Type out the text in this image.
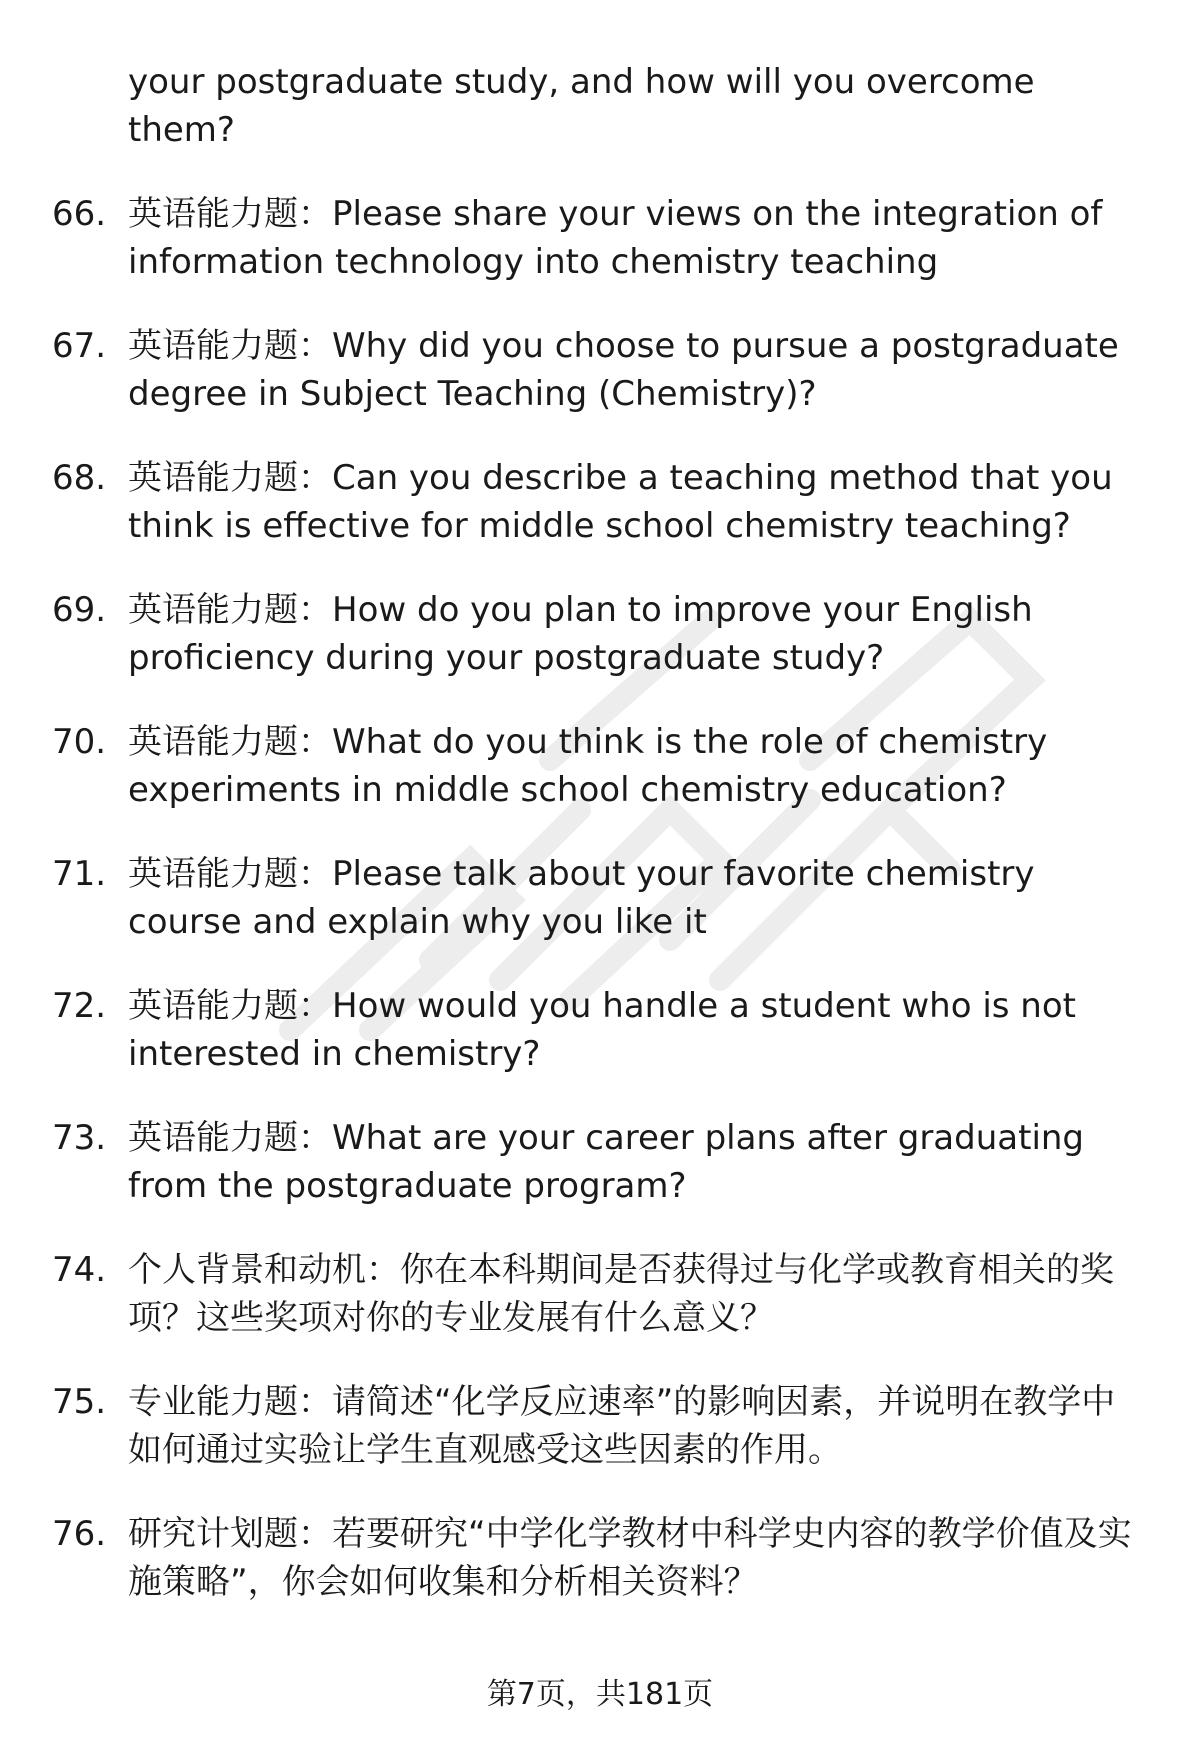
your postgraduate study, and how will you overcome them?
66. 英语能力题：Please share your views on the integration of information technology into chemistry teaching
67. 英语能力题：Why did you choose to pursue a postgraduate degree in Subject Teaching (Chemistry)?
68. 英语能力题：Can you describe a teaching method that you think is effective for middle school chemistry teaching?
69. 英语能力题：How do you plan to improve your English proficiency during your postgraduate study?
70. 英语能力题：What do you think is the role of chemistry experiments in middle school chemistry education?
71. 英语能力题：Please talk about your favorite chemistry course and explain why you like it
72. 英语能力题：How would you handle a student who is not interested in chemistry?
73. 英语能力题：What are your career plans after graduating from the postgraduate program?
74. 个人背景和动机：你在本科期间是否获得过与化学或教育相关的奖项？这些奖项对你的专业发展有什么意义？
75. 专业能力题：请简述“化学反应速率”的影响因素，并说明在教学中如何通过实验让学生直观感受这些因素的作用。
76. 研究计划题：若要研究“中学化学教材中科学史内容的教学价值及实施策略”，你会如何收集和分析相关资料？
第7页，共181页
